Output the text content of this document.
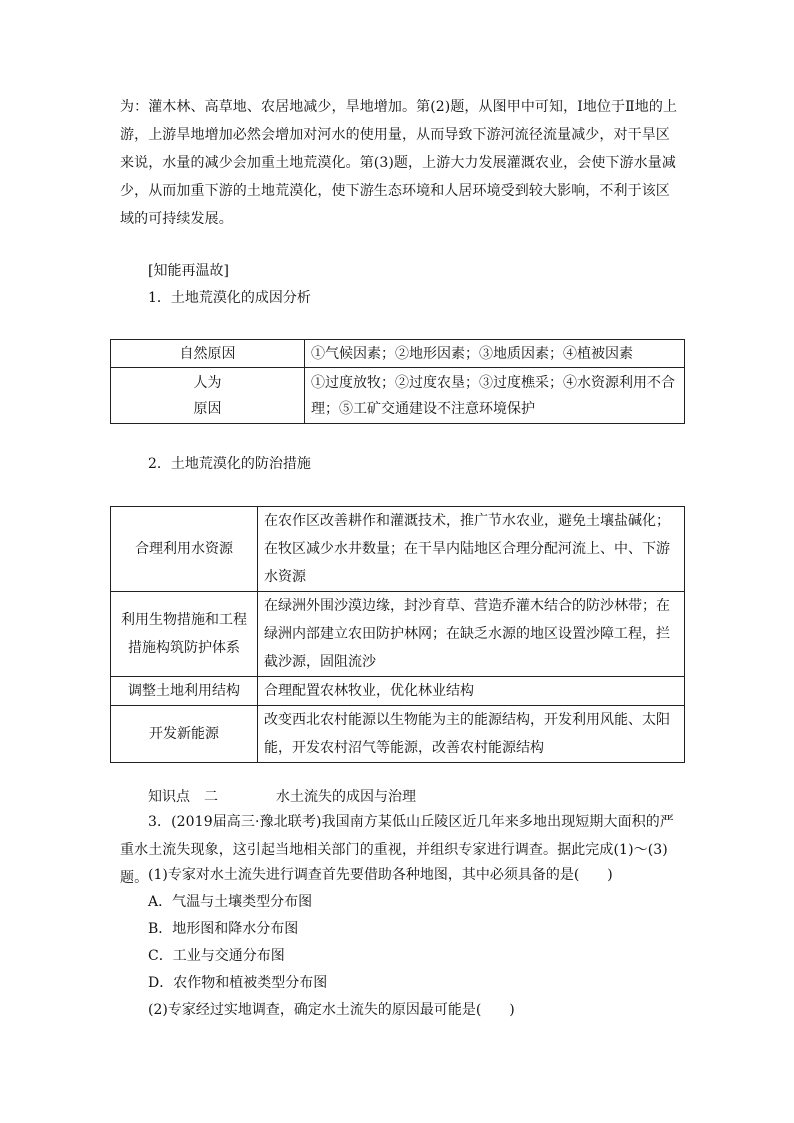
为：灌木林、高草地、农居地减少，旱地增加。第(2)题，从图甲中可知，Ⅰ地位于Ⅱ地的上游，上游旱地增加必然会增加对河水的使用量，从而导致下游河流径流量减少，对干旱区来说，水量的减少会加重土地荒漠化。第(3)题，上游大力发展灌溉农业，会使下游水量减少，从而加重下游的土地荒漠化，使下游生态环境和人居环境受到较大影响，不利于该区域的可持续发展。

[知能再温故]

1．土地荒漠化的成因分析

自然原因	①气候因素；②地形因素；③地质因素；④植被因素

人为
原因	①过度放牧；②过度农垦；③过度樵采；④水资源利用不合理；⑤工矿交通建设不注意环境保护

2．土地荒漠化的防治措施

合理利用水资源	在农作区改善耕作和灌溉技术，推广节水农业，避免土壤盐碱化；在牧区减少水井数量；在干旱内陆地区合理分配河流上、中、下游水资源
利用生物措施和工程措施构筑防护体系	在绿洲外围沙漠边缘，封沙育草、营造乔灌木结合的防沙林带；在绿洲内部建立农田防护林网；在缺乏水源的地区设置沙障工程，拦截沙源，固阻流沙
调整土地利用结构	合理配置农林牧业，优化林业结构
开发新能源	改变西北农村能源以生物能为主的能源结构，开发利用风能、太阳能，开发农村沼气等能源，改善农村能源结构

知识点　二	水土流失的成因与治理

3．(2019届高三·豫北联考)我国南方某低山丘陵区近几年来多地出现短期大面积的严重水土流失现象，这引起当地相关部门的重视，并组织专家进行调查。据此完成(1)～(3)题。 (1)专家对水土流失进行调查首先要借助各种地图，其中必须具备的是(　　)

A．气温与土壤类型分布图

B．地形图和降水分布图

C．工业与交通分布图

D．农作物和植被类型分布图

(2)专家经过实地调查，确定水土流失的原因最可能是(　　)
